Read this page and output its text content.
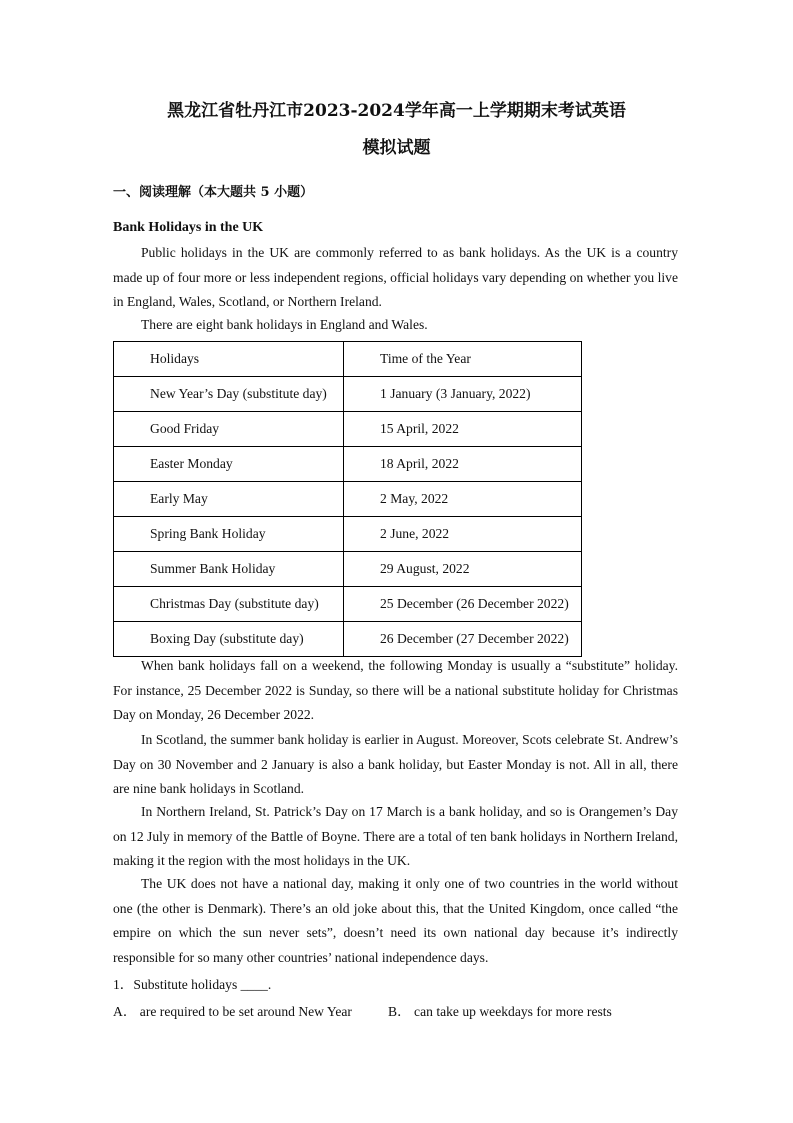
黑龙江省牡丹江市2023-2024学年高一上学期期末考试英语
模拟试题
一、阅读理解（本大题共 5 小题）
Bank Holidays in the UK
Public holidays in the UK are commonly referred to as bank holidays. As the UK is a country made up of four more or less independent regions, official holidays vary depending on whether you live in England, Wales, Scotland, or Northern Ireland.
There are eight bank holidays in England and Wales.
Holidays	Time of the Year
New Year’s Day (substitute day)	1 January (3 January, 2022)
Good Friday	15 April, 2022
Easter Monday	18 April, 2022
Early May	2 May, 2022
Spring Bank Holiday	2 June, 2022
Summer Bank Holiday	29 August, 2022
Christmas Day (substitute day)	25 December (26 December 2022)
Boxing Day (substitute day)	26 December (27 December 2022)
When bank holidays fall on a weekend, the following Monday is usually a “substitute” holiday. For instance, 25 December 2022 is Sunday, so there will be a national substitute holiday for Christmas Day on Monday, 26 December 2022.
In Scotland, the summer bank holiday is earlier in August. Moreover, Scots celebrate St. Andrew’s Day on 30 November and 2 January is also a bank holiday, but Easter Monday is not. All in all, there are nine bank holidays in Scotland.
In Northern Ireland, St. Patrick’s Day on 17 March is a bank holiday, and so is Orangemen’s Day on 12 July in memory of the Battle of Boyne. There are a total of ten bank holidays in Northern Ireland, making it the region with the most holidays in the UK.
The UK does not have a national day, making it only one of two countries in the world without one (the other is Denmark). There’s an old joke about this, that the United Kingdom, once called “the empire on which the sun never sets”, doesn’t need its own national day because it’s indirectly responsible for so many other countries’ national independence days.
1．Substitute holidays ____.
A． are required to be set around New Year	B． can take up weekdays for more rests
